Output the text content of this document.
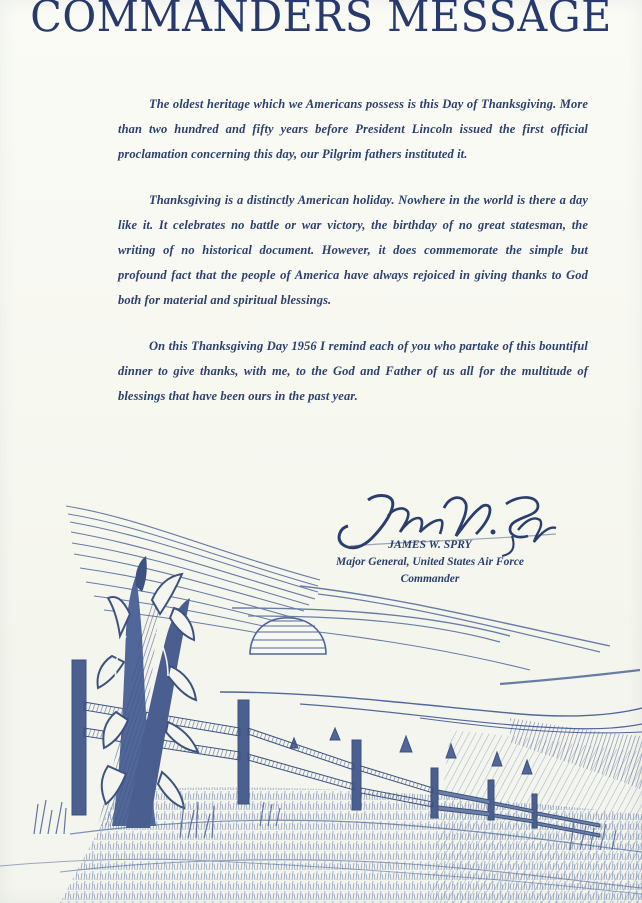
COMMANDERS MESSAGE

The oldest heritage which we Americans possess is this Day of Thanksgiving. More than two hundred and fifty years before President Lincoln issued the first official proclamation concerning this day, our Pilgrim fathers instituted it.

Thanksgiving is a distinctly American holiday. Nowhere in the world is there a day like it. It celebrates no battle or war victory, the birthday of no great statesman, the writing of no historical document. However, it does commemorate the simple but profound fact that the people of America have always rejoiced in giving thanks to God both for material and spiritual blessings.

On this Thanksgiving Day 1956 I remind each of you who partake of this bountiful dinner to give thanks, with me, to the God and Father of us all for the multitude of blessings that have been ours in the past year.

JAMES W. SPRY
Major General, United States Air Force
Commander
